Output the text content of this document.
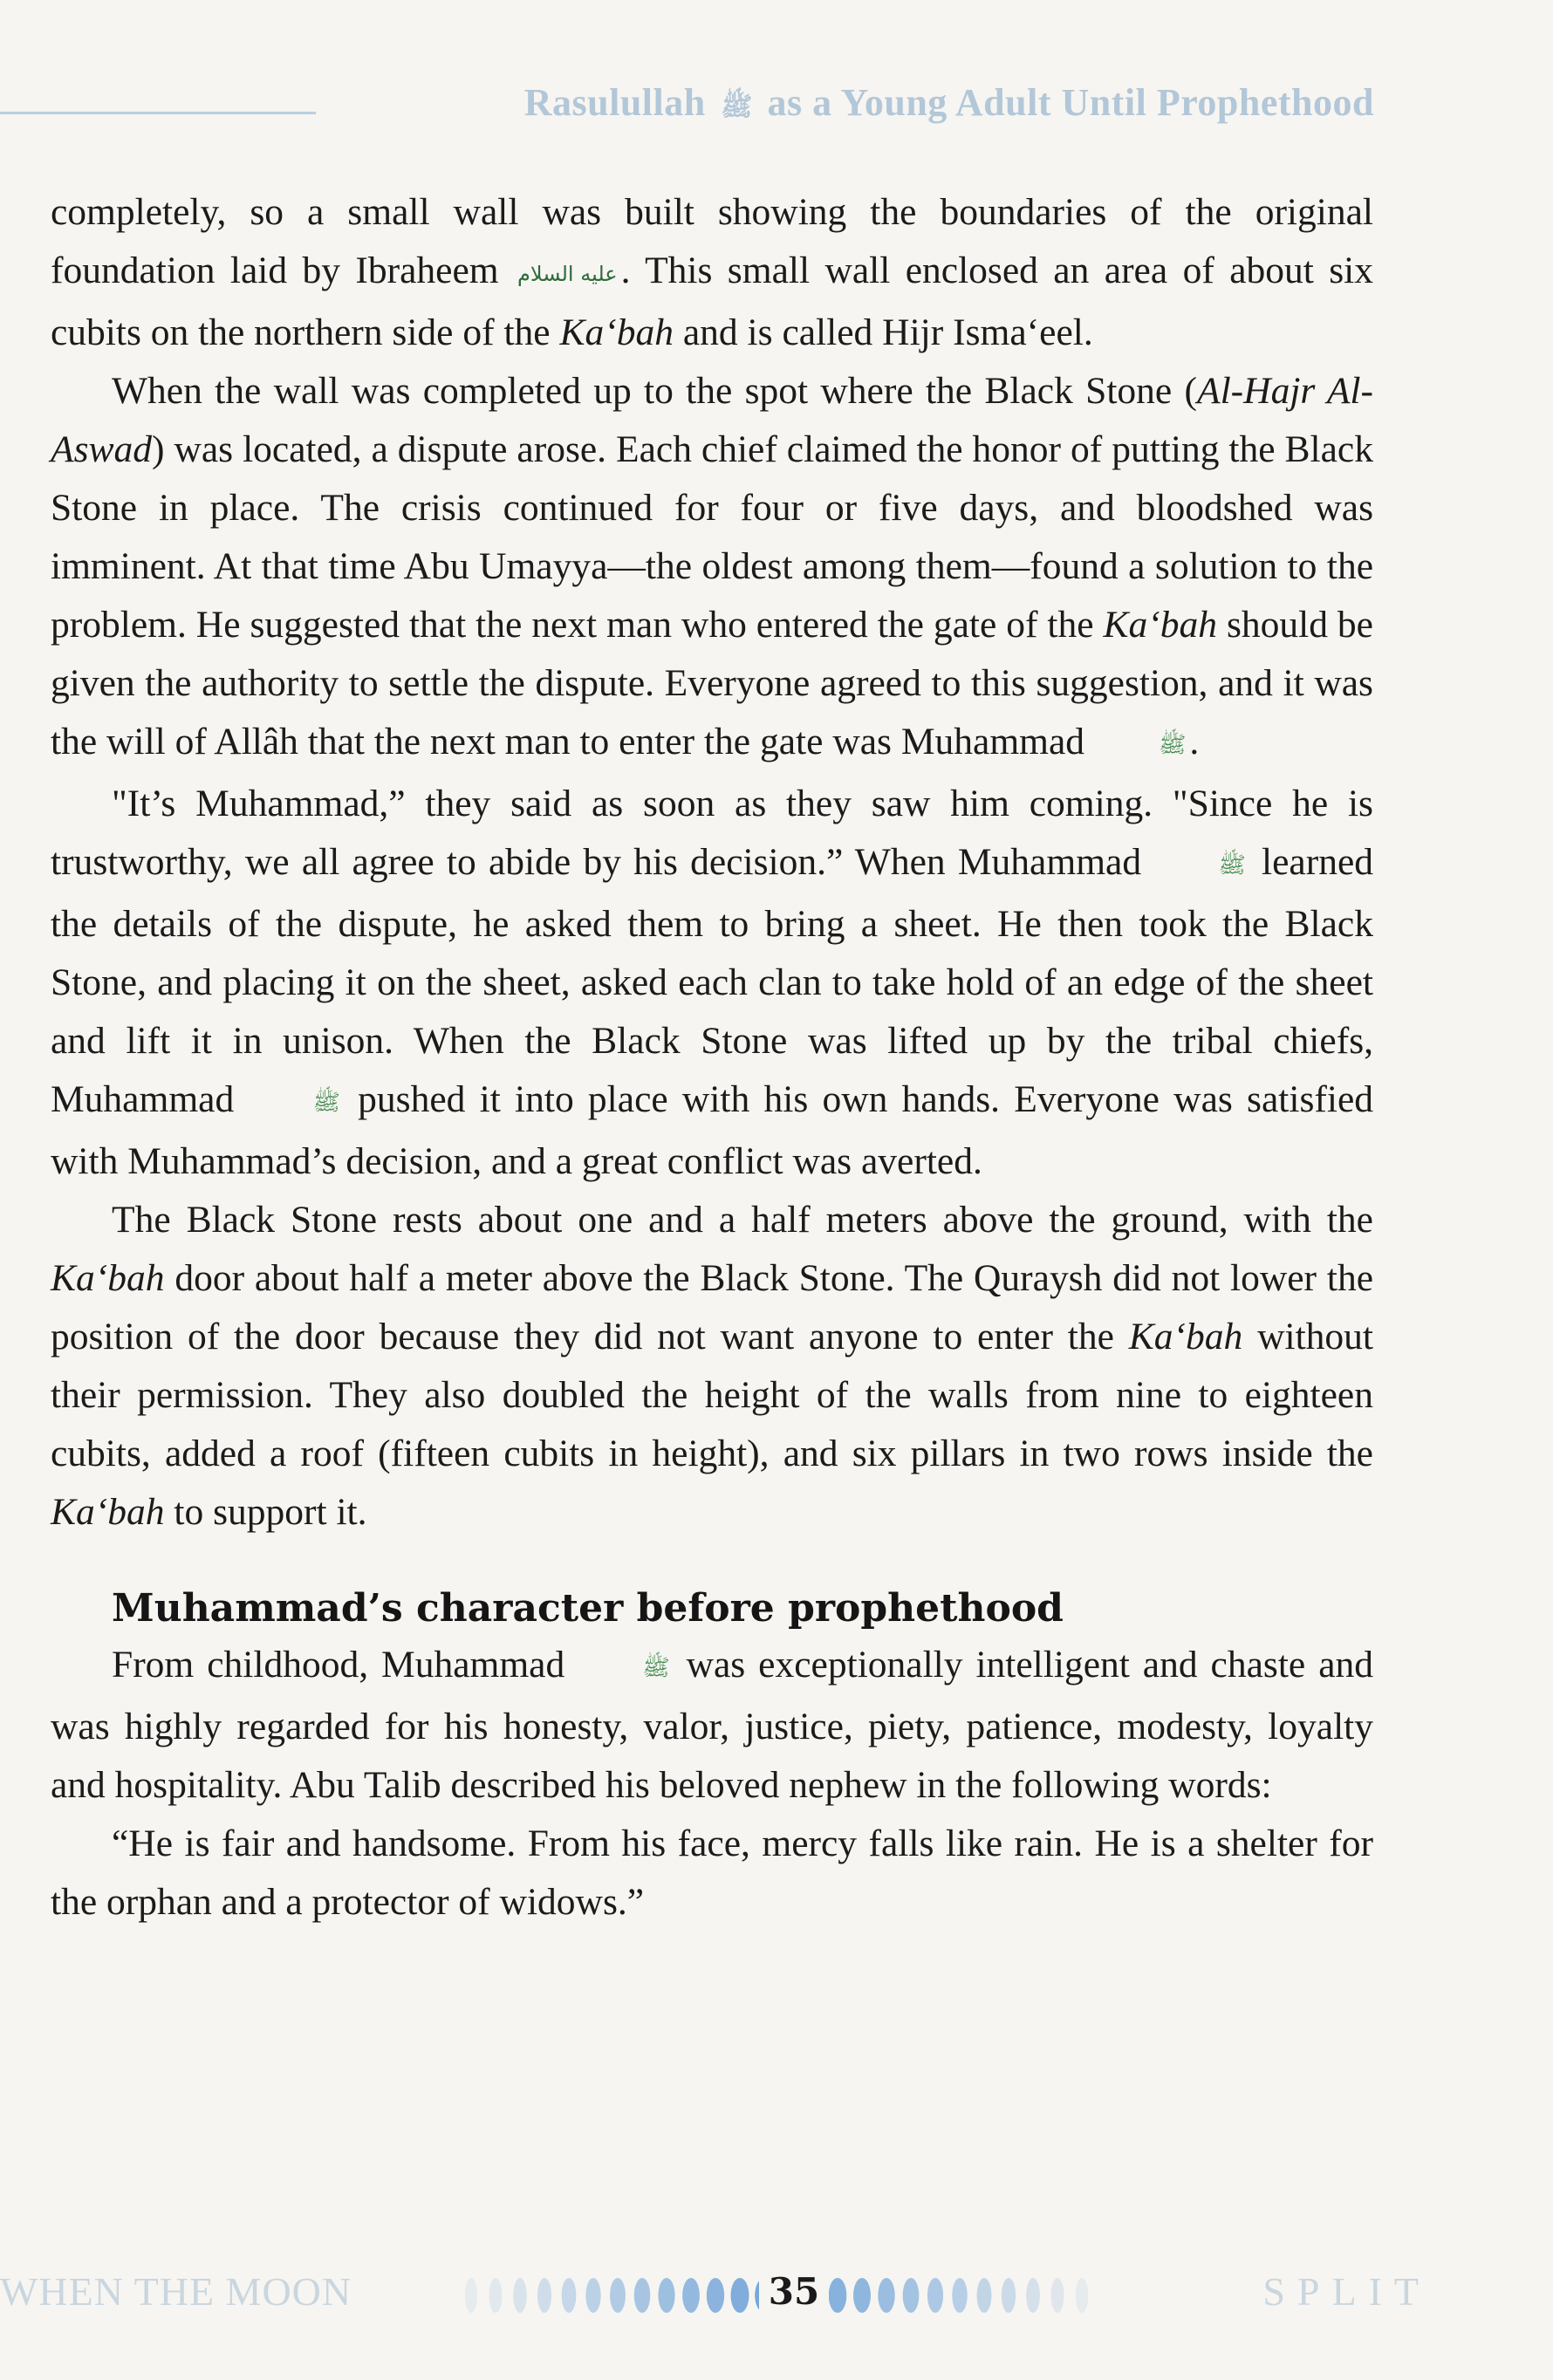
Rasulullah ﷺ as a Young Adult Until Prophethood

completely, so a small wall was built showing the boundaries of the original foundation laid by Ibraheem عليه السلام. This small wall enclosed an area of about six cubits on the northern side of the Ka‘bah and is called Hijr Isma‘eel.

When the wall was completed up to the spot where the Black Stone (Al-Hajr Al-Aswad) was located, a dispute arose. Each chief claimed the honor of putting the Black Stone in place. The crisis continued for four or five days, and bloodshed was imminent. At that time Abu Umayya—the oldest among them—found a solution to the problem. He suggested that the next man who entered the gate of the Ka‘bah should be given the authority to settle the dispute. Everyone agreed to this suggestion, and it was the will of Allâh that the next man to enter the gate was Muhammad	ﷺ.

"It’s Muhammad,” they said as soon as they saw him coming. "Since he is trustworthy, we all agree to abide by his decision.” When Muhammad	ﷺ learned the details of the dispute, he asked them to bring a sheet. He then took the Black Stone, and placing it on the sheet, asked each clan to take hold of an edge of the sheet and lift it in unison. When the Black Stone was lifted up by the tribal chiefs, Muhammad	ﷺ pushed it into place with his own hands. Everyone was satisfied with Muhammad’s decision, and a great conflict was averted.

The Black Stone rests about one and a half meters above the ground, with the Ka‘bah door about half a meter above the Black Stone. The Quraysh did not lower the position of the door because they did not want anyone to enter the Ka‘bah without their permission. They also doubled the height of the walls from nine to eighteen cubits, added a roof (fifteen cubits in height), and six pillars in two rows inside the Ka‘bah to support it.

Muhammad’s character before prophethood

From childhood, Muhammad	ﷺ was exceptionally intelligent and chaste and was highly regarded for his honesty, valor, justice, piety, patience, modesty, loyalty and hospitality. Abu Talib described his beloved nephew in the following words:

“He is fair and handsome. From his face, mercy falls like rain. He is a shelter for the orphan and a protector of widows.”

WHEN THE MOON	35	SPLIT
